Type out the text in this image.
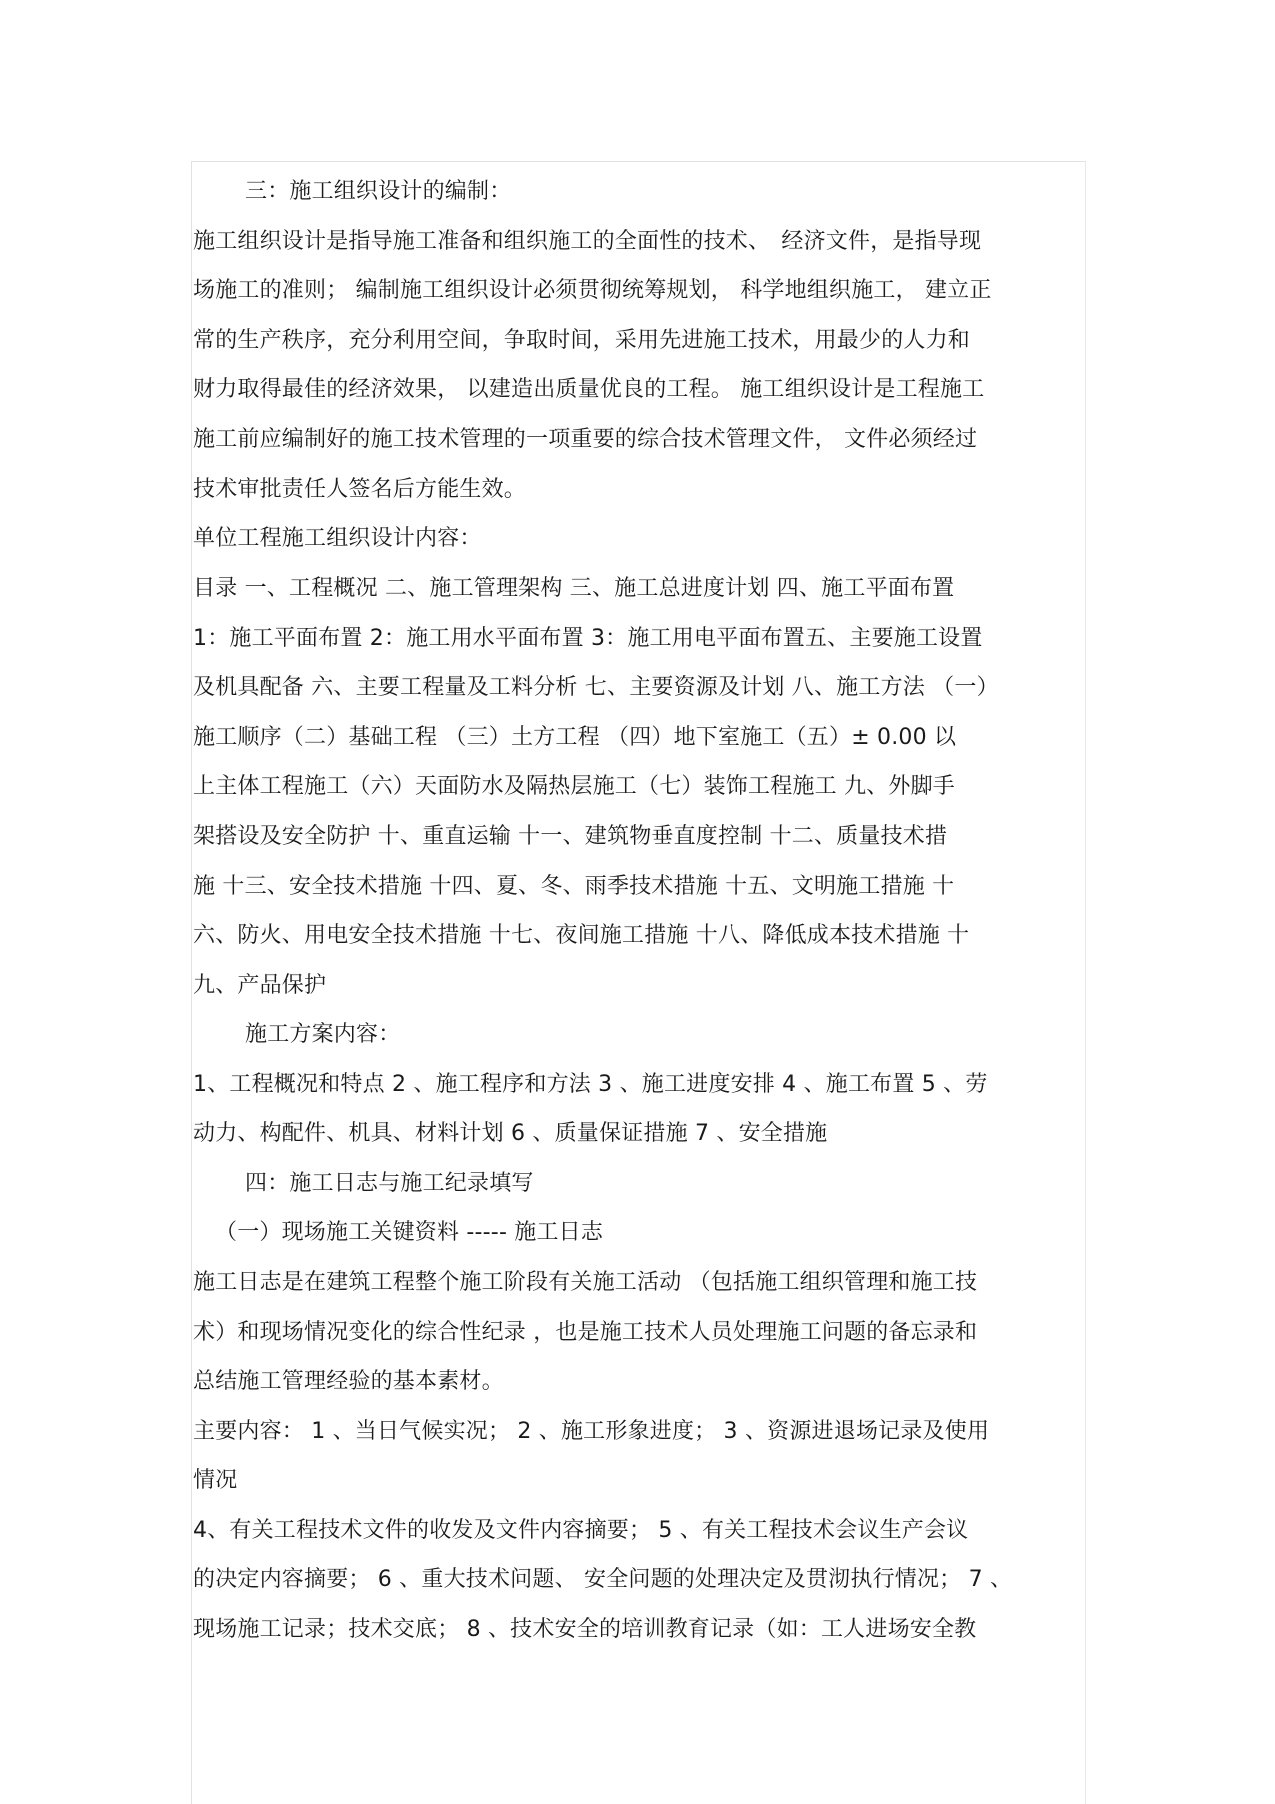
三：施工组织设计的编制：
施工组织设计是指导施工准备和组织施工的全面性的技术、　经济文件，是指导现
场施工的准则； 编制施工组织设计必须贯彻统筹规划， 科学地组织施工， 建立正
常的生产秩序，充分利用空间，争取时间，采用先进施工技术，用最少的人力和
财力取得最佳的经济效果， 以建造出质量优良的工程。 施工组织设计是工程施工
施工前应编制好的施工技术管理的一项重要的综合技术管理文件， 文件必须经过
技术审批责任人签名后方能生效。
单位工程施工组织设计内容：
目录 一、工程概况 二、施工管理架构 三、施工总进度计划 四、施工平面布置
1：施工平面布置 2：施工用水平面布置 3：施工用电平面布置五、主要施工设置
及机具配备 六、主要工程量及工料分析 七、主要资源及计划 八、施工方法 （一）
施工顺序（二）基础工程 （三）土方工程 （四）地下室施工（五）± 0.00 以
上主体工程施工（六）天面防水及隔热层施工（七）装饰工程施工 九、外脚手
架搭设及安全防护 十、重直运输 十一、建筑物垂直度控制 十二、质量技术措
施 十三、安全技术措施 十四、夏、冬、雨季技术措施 十五、文明施工措施 十
六、防火、用电安全技术措施 十七、夜间施工措施 十八、降低成本技术措施 十
九、产品保护
施工方案内容：
1、工程概况和特点 2 、施工程序和方法 3 、施工进度安排 4 、施工布置 5 、劳
动力、构配件、机具、材料计划 6 、质量保证措施 7 、安全措施
四：施工日志与施工纪录填写
（一）现场施工关键资料 ----- 施工日志
施工日志是在建筑工程整个施工阶段有关施工活动 （包括施工组织管理和施工技
术）和现场情况变化的综合性纪录 ，也是施工技术人员处理施工问题的备忘录和
总结施工管理经验的基本素材。
主要内容： 1 、当日气候实况； 2 、施工形象进度； 3 、资源进退场记录及使用
情况
4、有关工程技术文件的收发及文件内容摘要； 5 、有关工程技术会议生产会议
的决定内容摘要； 6 、重大技术问题、 安全问题的处理决定及贯沏执行情况； 7 、
现场施工记录；技术交底； 8 、技术安全的培训教育记录（如：工人进场安全教
